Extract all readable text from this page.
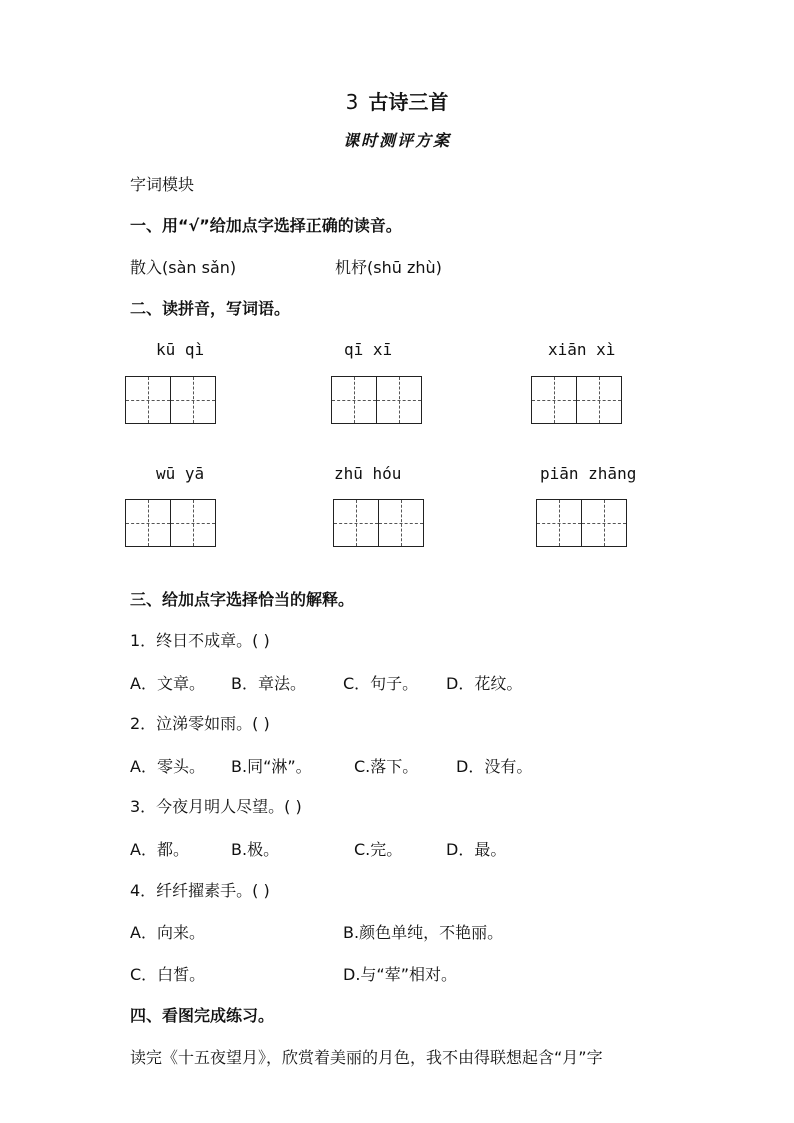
3 古诗三首
课时测评方案
字词模块
一、用“√”给加点字选择正确的读音。
散入(sàn sǎn)	机杼(shū zhù)
二、读拼音，写词语。
kū qì	qī xī	xiān xì
wū yā	zhū hóu	piān zhāng
三、给加点字选择恰当的解释。
1．终日不成章。( )
A．文章。 B．章法。 C．句子。 D．花纹。
2．泣涕零如雨。( )
A．零头。 B.同“淋”。	C.落下。 D．没有。
3．今夜月明人尽望。( )
A．都。	B.极。	C.完。	D．最。
4．纤纤擢素手。( )
A．向来。	B.颜色单纯，不艳丽。
C．白皙。	D.与“荤”相对。
四、看图完成练习。
读完《十五夜望月》，欣赏着美丽的月色，我不由得联想起含“月”字
